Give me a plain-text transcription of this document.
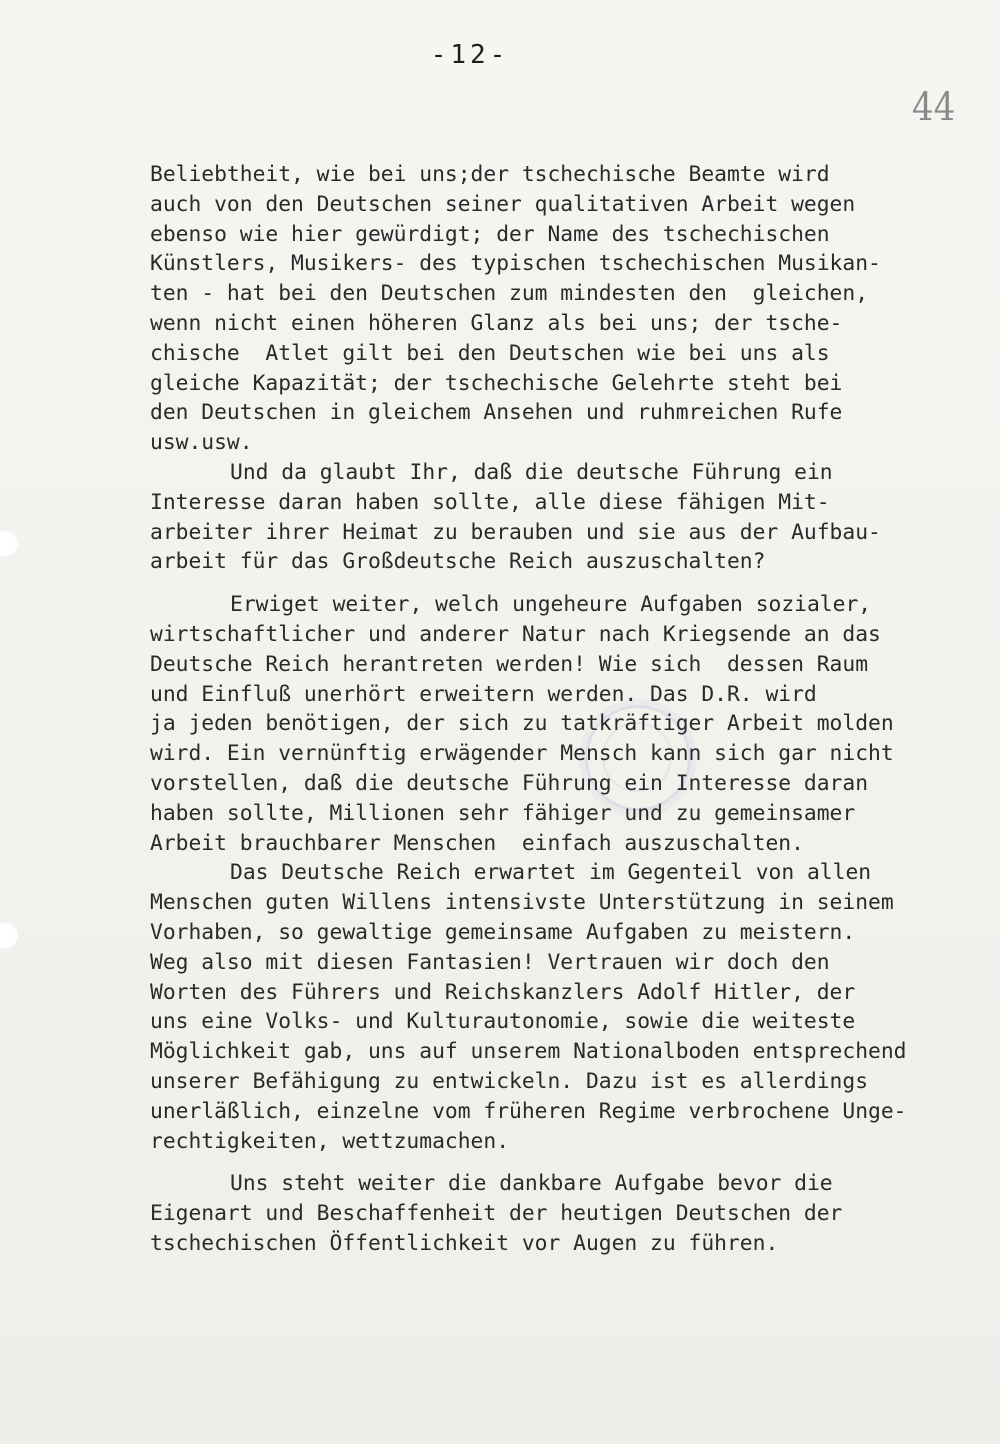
-12-
44
Beliebtheit, wie bei uns;der tschechische Beamte wird
auch von den Deutschen seiner qualitativen Arbeit wegen
ebenso wie hier gewürdigt; der Name des tschechischen
Künstlers, Musikers- des typischen tschechischen Musikan-
ten - hat bei den Deutschen zum mindesten den  gleichen,
wenn nicht einen höheren Glanz als bei uns; der tsche-
chische  Atlet gilt bei den Deutschen wie bei uns als
gleiche Kapazität; der tschechische Gelehrte steht bei
den Deutschen in gleichem Ansehen und ruhmreichen Rufe
usw.usw.
Und da glaubt Ihr, daß die deutsche Führung ein
Interesse daran haben sollte, alle diese fähigen Mit-
arbeiter ihrer Heimat zu berauben und sie aus der Aufbau-
arbeit für das Großdeutsche Reich auszuschalten?
Erwiget weiter, welch ungeheure Aufgaben sozialer,
wirtschaftlicher und anderer Natur nach Kriegsende an das
Deutsche Reich herantreten werden! Wie sich  dessen Raum
und Einfluß unerhört erweitern werden. Das D.R. wird
ja jeden benötigen, der sich zu tatkräftiger Arbeit molden
wird. Ein vernünftig erwägender Mensch kann sich gar nicht
vorstellen, daß die deutsche Führung ein Interesse daran
haben sollte, Millionen sehr fähiger und zu gemeinsamer
Arbeit brauchbarer Menschen  einfach auszuschalten.
Das Deutsche Reich erwartet im Gegenteil von allen
Menschen guten Willens intensivste Unterstützung in seinem
Vorhaben, so gewaltige gemeinsame Aufgaben zu meistern.
Weg also mit diesen Fantasien! Vertrauen wir doch den
Worten des Führers und Reichskanzlers Adolf Hitler, der
uns eine Volks- und Kulturautonomie, sowie die weiteste
Möglichkeit gab, uns auf unserem Nationalboden entsprechend
unserer Befähigung zu entwickeln. Dazu ist es allerdings
unerläßlich, einzelne vom früheren Regime verbrochene Unge-
rechtigkeiten, wettzumachen.
Uns steht weiter die dankbare Aufgabe bevor die
Eigenart und Beschaffenheit der heutigen Deutschen der
tschechischen Öffentlichkeit vor Augen zu führen.
